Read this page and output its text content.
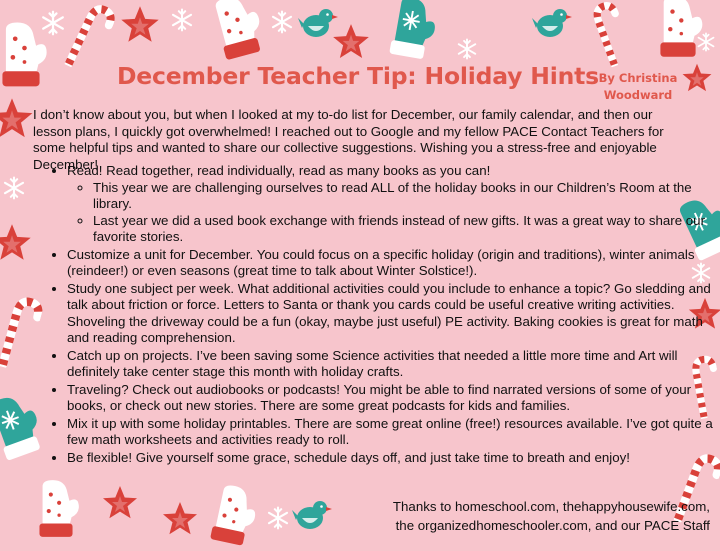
December Teacher Tip: Holiday Hints By Christina Woodward
I don’t know about you, but when I looked at my to-do list for December, our family calendar, and then our lesson plans, I quickly got overwhelmed! I reached out to Google and my fellow PACE Contact Teachers for some helpful tips and wanted to share our collective suggestions. Wishing you a stress-free and enjoyable December!
• Read! Read together, read individually, read as many books as you can!
◦ This year we are challenging ourselves to read ALL of the holiday books in our Children’s Room at the library.
◦ Last year we did a used book exchange with friends instead of new gifts. It was a great way to share our favorite stories.
• Customize a unit for December. You could focus on a specific holiday (origin and traditions), winter animals (reindeer!) or even seasons (great time to talk about Winter Solstice!).
• Study one subject per week. What additional activities could you include to enhance a topic? Go sledding and talk about friction or force. Letters to Santa or thank you cards could be useful creative writing activities. Shoveling the driveway could be a fun (okay, maybe just useful) PE activity. Baking cookies is great for math and reading comprehension.
• Catch up on projects. I’ve been saving some Science activities that needed a little more time and Art will definitely take center stage this month with holiday crafts.
• Traveling? Check out audiobooks or podcasts! You might be able to find narrated versions of some of your books, or check out new stories. There are some great podcasts for kids and families.
• Mix it up with some holiday printables. There are some great online (free!) resources available. I’ve got quite a few math worksheets and activities ready to roll.
• Be flexible! Give yourself some grace, schedule days off, and just take time to breath and enjoy!
Thanks to homeschool.com, thehappyhousewife.com,
the organizedhomeschooler.com, and our PACE Staff
